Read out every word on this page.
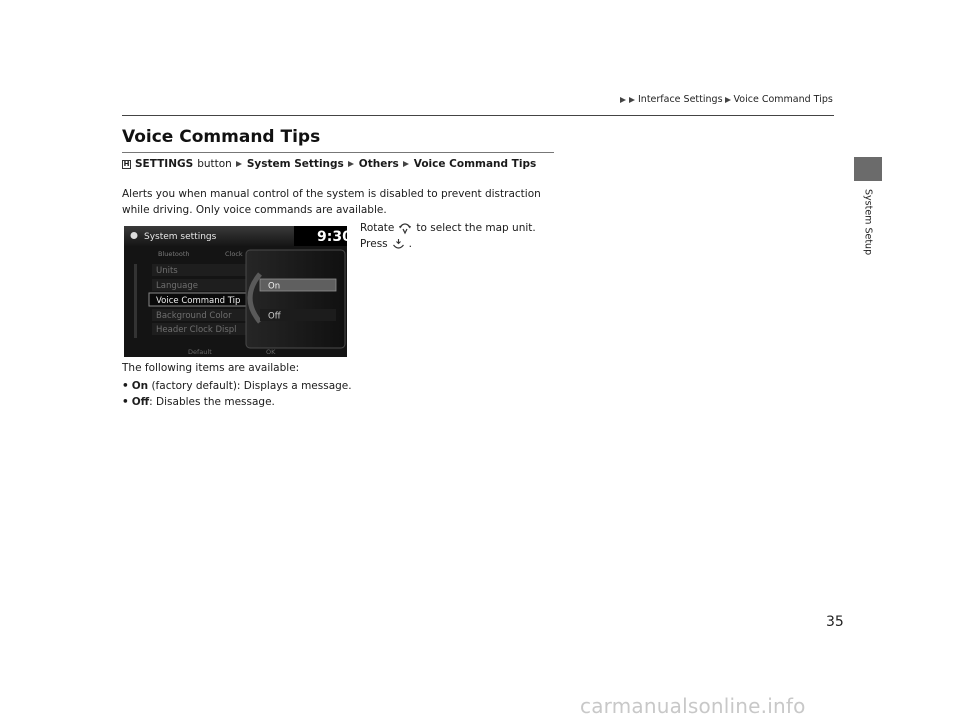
Interface Settings Voice Command Tips
System Setup
Voice Command Tips
H SETTINGS button System Settings Others Voice Command Tips
Alerts you when manual control of the system is disabled to prevent distraction while driving. Only voice commands are available.
System settings	9:30
Bluetooth	Clock
Units
Language
Voice Command Tip
Background Color
Header Clock Displ
Default	OK
On
Off
Rotate to select the map unit.
Press .
The following items are available:
• On (factory default): Displays a message.
• Off: Disables the message.
35
carmanualsonline.info
